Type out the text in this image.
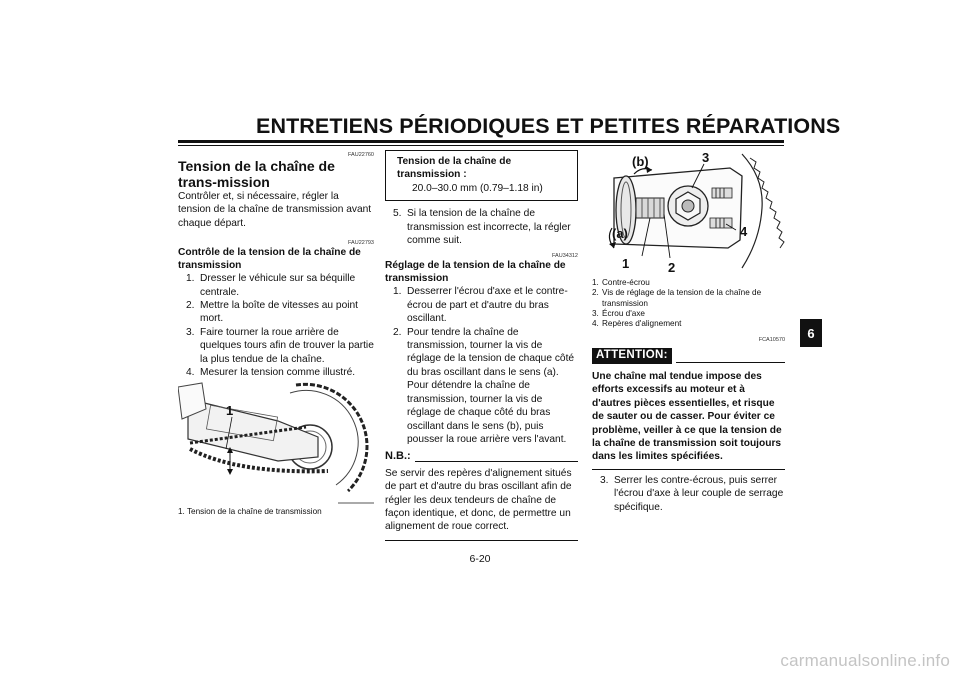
ENTRETIENS PÉRIODIQUES ET PETITES RÉPARATIONS
6
FAU22760
Tension de la chaîne de trans-mission

Contrôler et, si nécessaire, régler la tension de la chaîne de transmission avant chaque départ.

FAU22793
Contrôle de la tension de la chaîne de transmission
1. Dresser le véhicule sur sa béquille centrale.
2. Mettre la boîte de vitesses au point mort.
3. Faire tourner la roue arrière de quelques tours afin de trouver la partie la plus tendue de la chaîne.
4. Mesurer la tension comme illustré.
1
1. Tension de la chaîne de transmission
Tension de la chaîne de transmission :
20.0–30.0 mm (0.79–1.18 in)
5. Si la tension de la chaîne de transmission est incorrecte, la régler comme suit.
FAU34312
Réglage de la tension de la chaîne de transmission
1. Desserrer l'écrou d'axe et le contre-écrou de part et d'autre du bras oscillant.
2. Pour tendre la chaîne de transmission, tourner la vis de réglage de la tension de chaque côté du bras oscillant dans le sens (a). Pour détendre la chaîne de transmission, tourner la vis de réglage de chaque côté du bras oscillant dans le sens (b), puis pousser la roue arrière vers l'avant.
N.B.:

Se servir des repères d'alignement situés de part et d'autre du bras oscillant afin de régler les deux tendeurs de chaîne de façon identique, et donc, de permettre un alignement de roue correct.

(b)	3
(a)	4
1	2
1. Contre-écrou
2. Vis de réglage de la tension de la chaîne de transmission
3. Écrou d'axe
4. Repères d'alignement
FCA10570
ATTENTION:

Une chaîne mal tendue impose des efforts excessifs au moteur et à d'autres pièces essentielles, et risque de sauter ou de casser. Pour éviter ce problème, veiller à ce que la tension de la chaîne de transmission soit toujours dans les limites spécifiées.

3. Serrer les contre-écrous, puis serrer l'écrou d'axe à leur couple de serrage spécifique.
6-20
carmanualsonline.info
